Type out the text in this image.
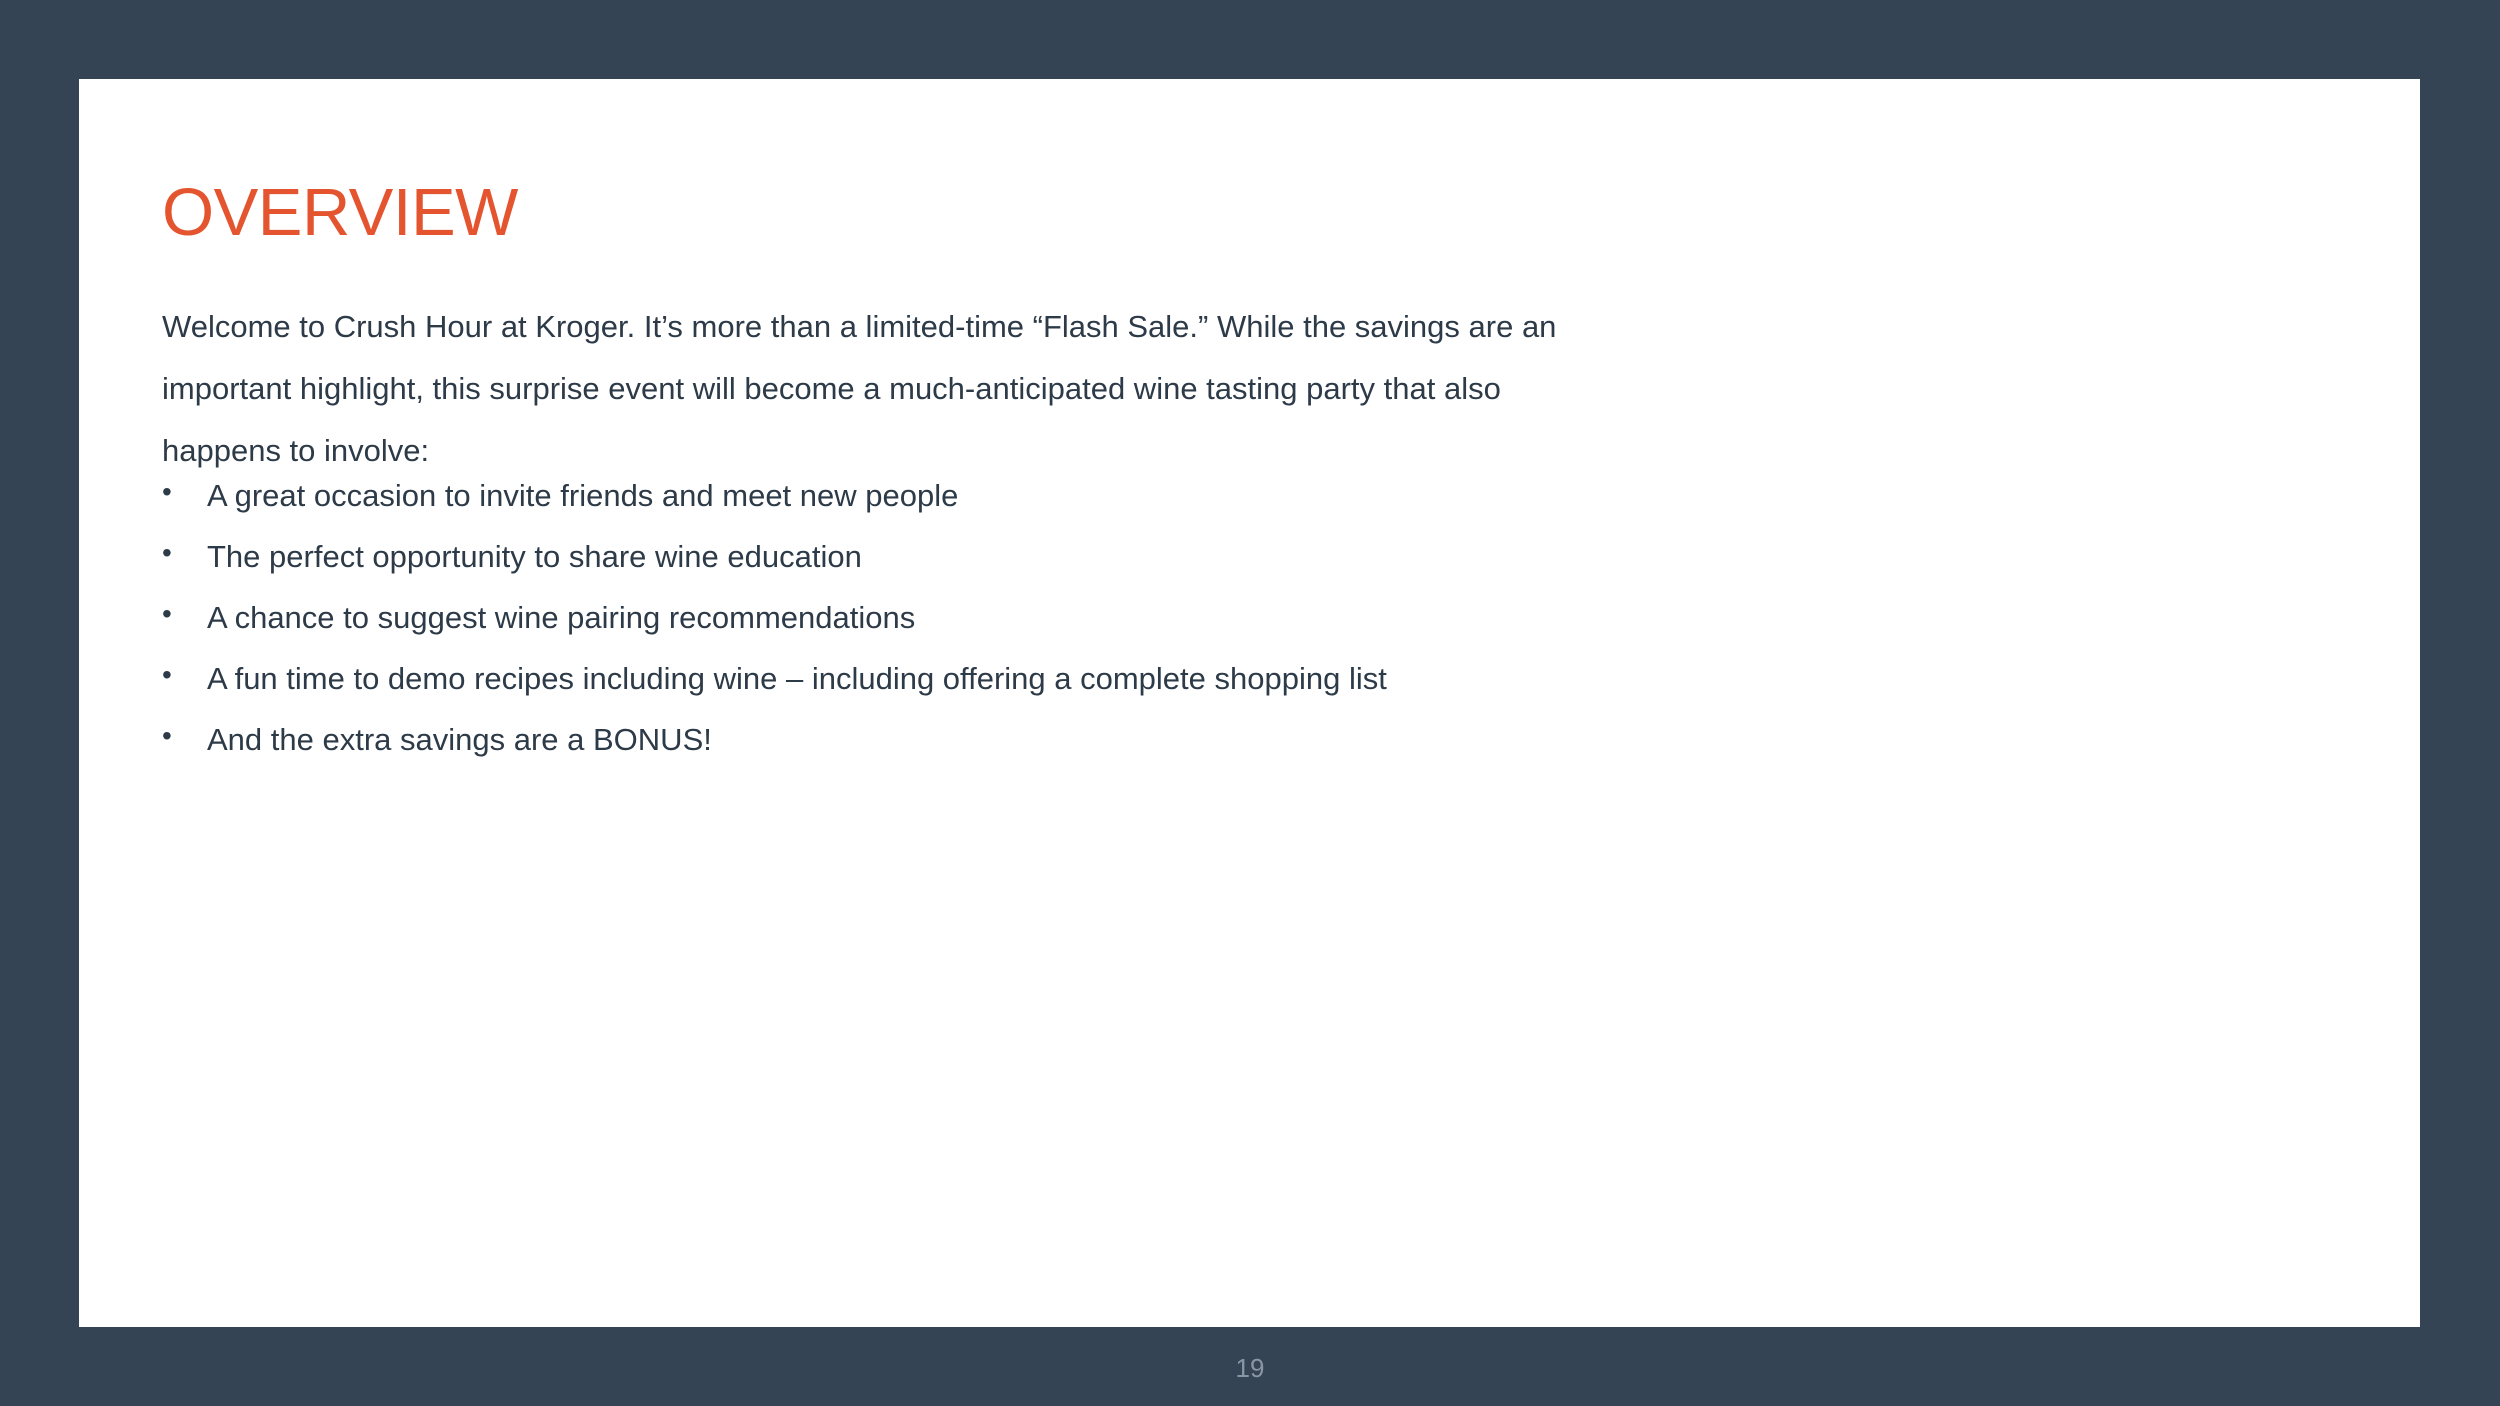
OVERVIEW

Welcome to Crush Hour at Kroger. It’s more than a limited-time “Flash Sale.” While the savings are an important highlight, this surprise event will become a much-anticipated wine tasting party that also happens to involve:

• A great occasion to invite friends and meet new people
• The perfect opportunity to share wine education
• A chance to suggest wine pairing recommendations
• A fun time to demo recipes including wine – including offering a complete shopping list
• And the extra savings are a BONUS!
19
